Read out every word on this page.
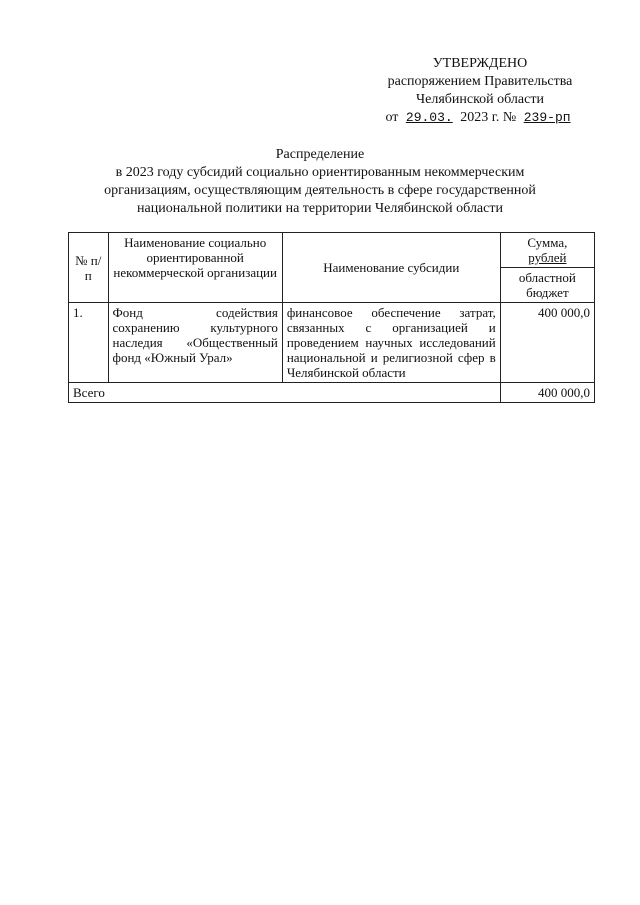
УТВЕРЖДЕНО
распоряжением Правительства
Челябинской области
от 29.03. 2023 г. № 239-рп
Распределение
в 2023 году субсидий социально ориентированным некоммерческим
организациям, осуществляющим деятельность в сфере государственной
национальной политики на территории Челябинской области
№ п/п	Наименование социально ориентированной некоммерческой организации	Наименование субсидии	Сумма,
рублей

			областной бюджет
1.	Фонд содействия сохранению культурного наследия «Общественный фонд «Южный Урал»	финансовое обеспечение затрат, связанных с организацией и проведением научных исследований национальной и религиозной сфер в Челябинской области	400 000,0
Всего			400 000,0
